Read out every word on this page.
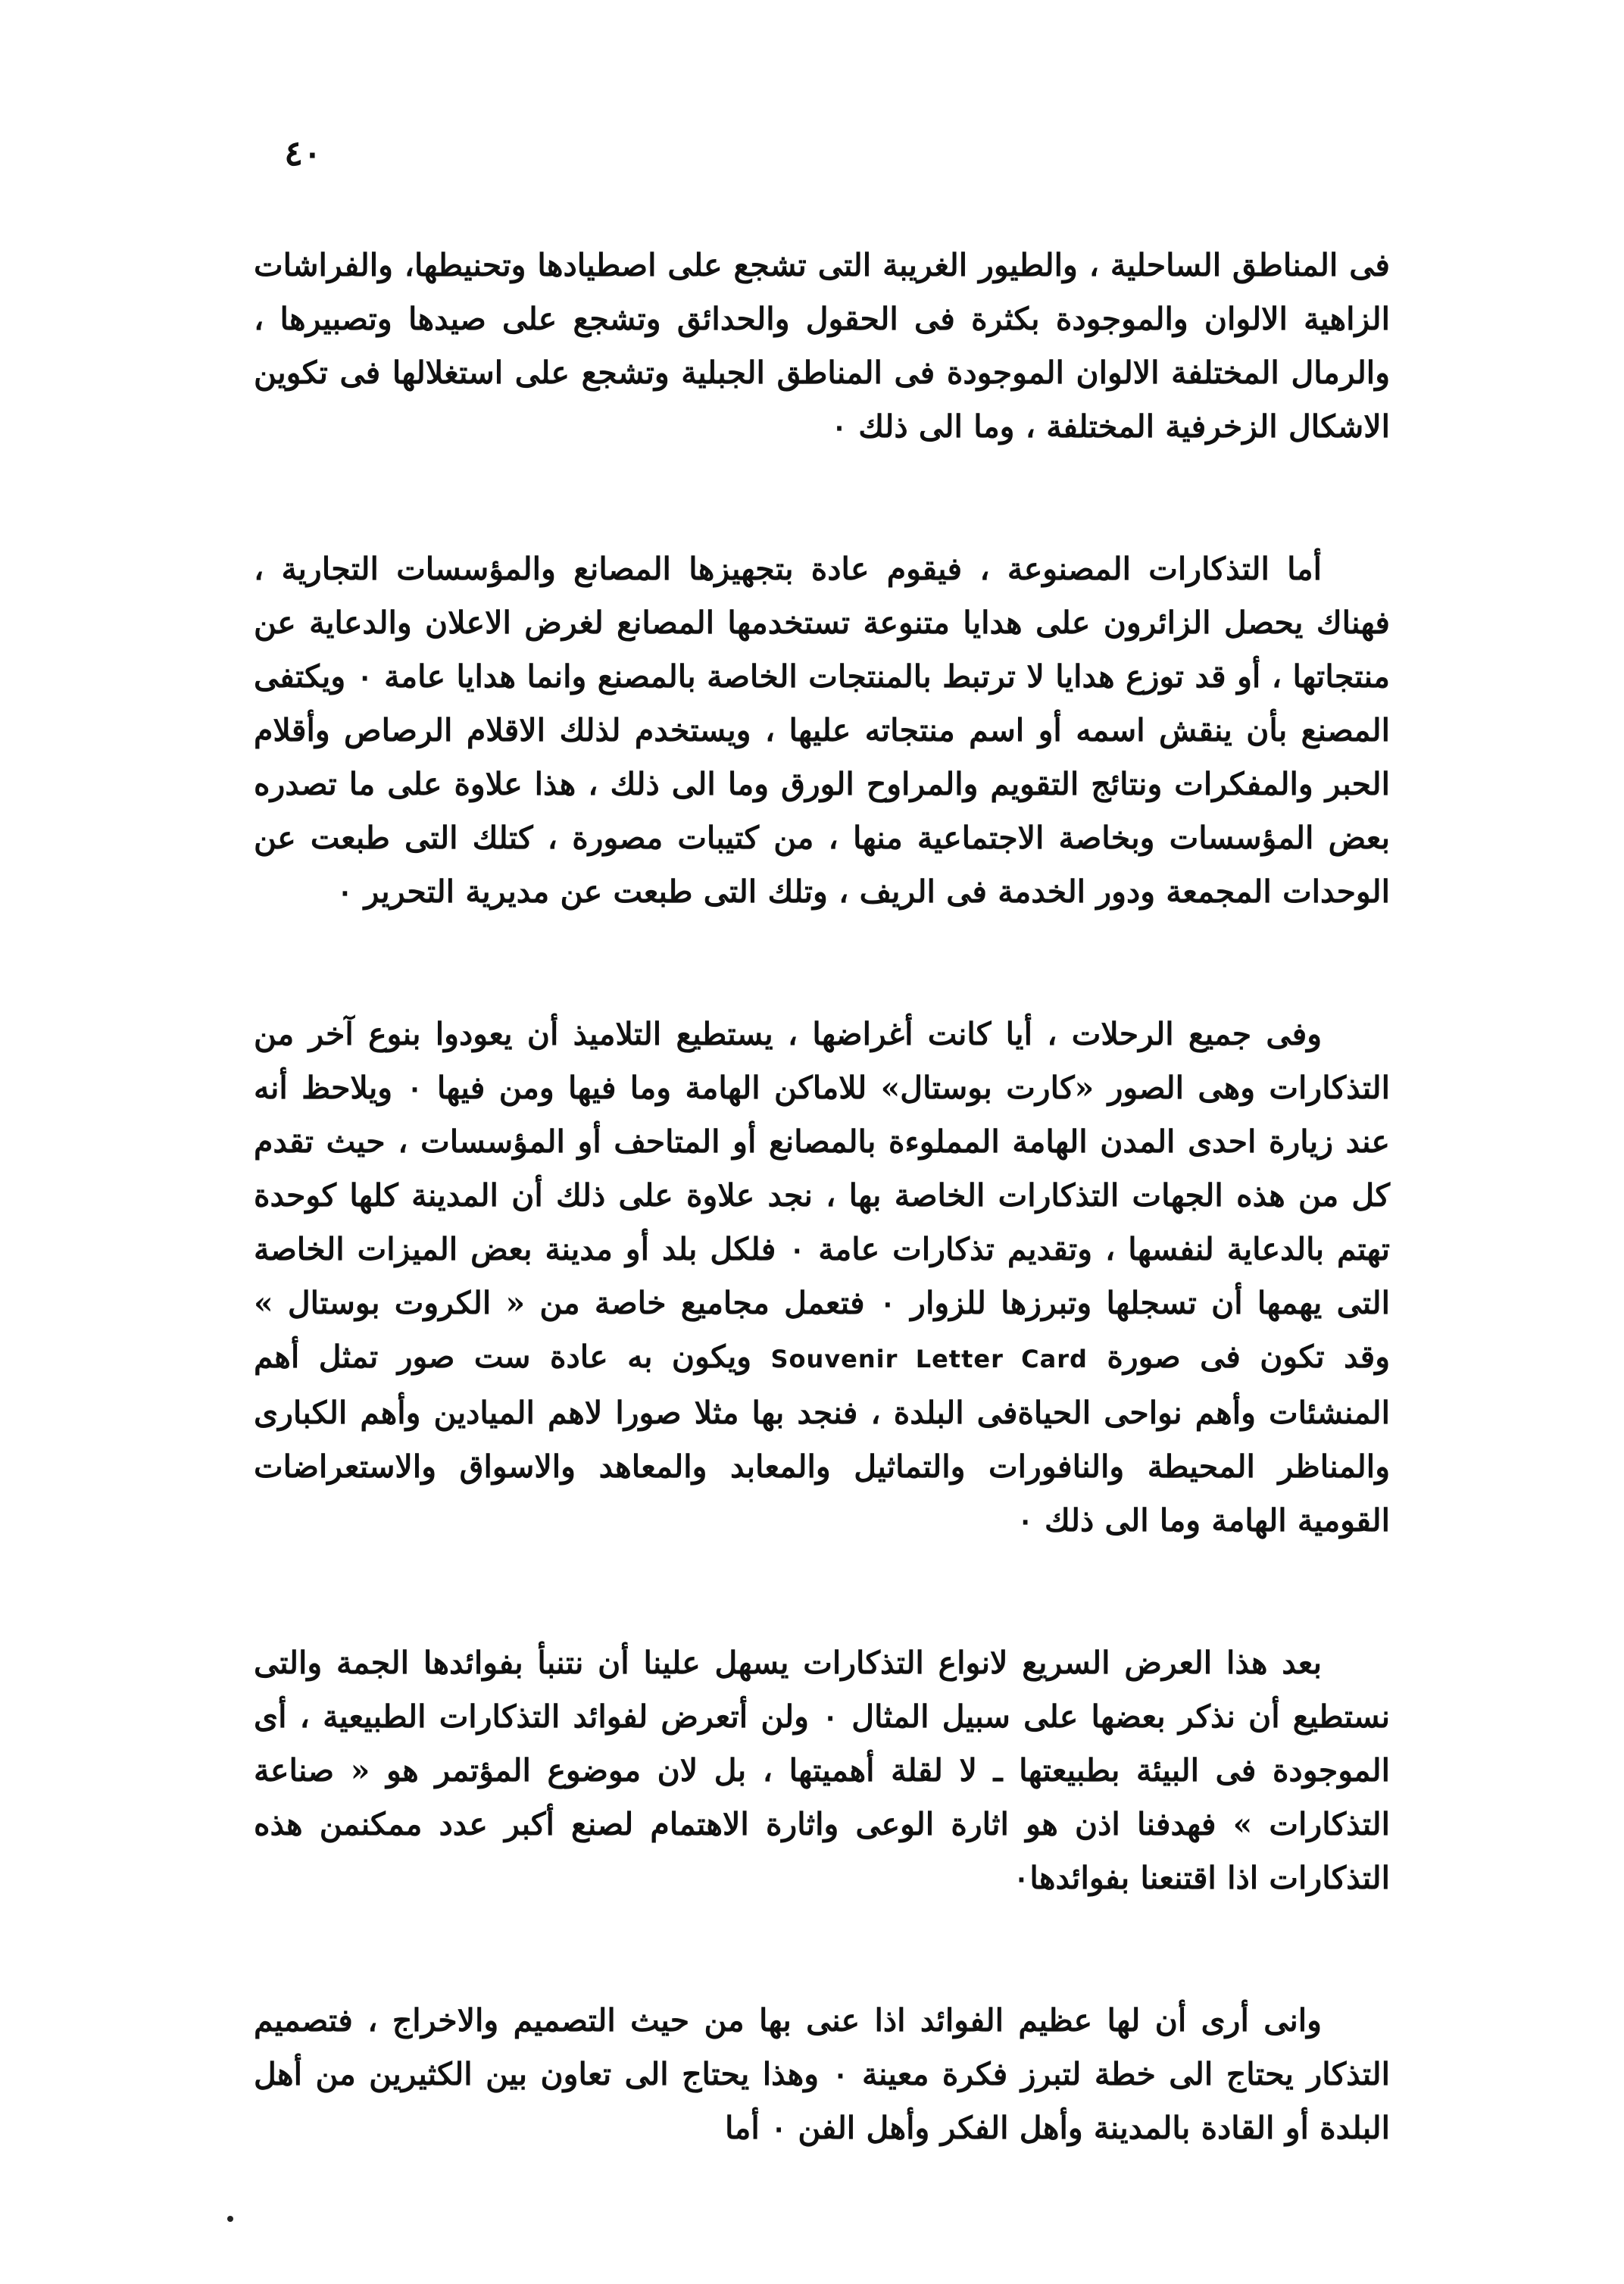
٤٠

فى المناطق الساحلية ، والطيور الغريبة التى تشجع على اصطيادها وتحنيطها، والفراشات الزاهية الالوان والموجودة بكثرة فى الحقول والحدائق وتشجع على صيدها وتصبيرها ، والرمال المختلفة الالوان الموجودة فى المناطق الجبلية وتشجع على استغلالها فى تكوين الاشكال الزخرفية المختلفة ، وما الى ذلك ٠

أما التذكارات المصنوعة ، فيقوم عادة بتجهيزها المصانع والمؤسسات التجارية ، فهناك يحصل الزائرون على هدايا متنوعة تستخدمها المصانع لغرض الاعلان والدعاية عن منتجاتها ، أو قد توزع هدايا لا ترتبط بالمنتجات الخاصة بالمصنع وانما هدايا عامة ٠ ويكتفى المصنع بأن ينقش اسمه أو اسم منتجاته عليها ، ويستخدم لذلك الاقلام الرصاص وأقلام الحبر والمفكرات ونتائج التقويم والمراوح الورق وما الى ذلك ، هذا علاوة على ما تصدره بعض المؤسسات وبخاصة الاجتماعية منها ، من كتيبات مصورة ، كتلك التى طبعت عن الوحدات المجمعة ودور الخدمة فى الريف ، وتلك التى طبعت عن مديرية التحرير ٠

وفى جميع الرحلات ، أيا كانت أغراضها ، يستطيع التلاميذ أن يعودوا بنوع آخر من التذكارات وهى الصور «كارت بوستال» للاماكن الهامة وما فيها ومن فيها ٠ ويلاحظ أنه عند زيارة احدى المدن الهامة المملوءة بالمصانع أو المتاحف أو المؤسسات ، حيث تقدم كل من هذه الجهات التذكارات الخاصة بها ، نجد علاوة على ذلك أن المدينة كلها كوحدة تهتم بالدعاية لنفسها ، وتقديم تذكارات عامة ٠ فلكل بلد أو مدينة بعض الميزات الخاصة التى يهمها أن تسجلها وتبرزها للزوار ٠ فتعمل مجاميع خاصة من « الكروت بوستال » وقد تكون فى صورة Souvenir Letter Card ويكون به عادة ست صور تمثل أهم المنشئات وأهم نواحى الحياةفى البلدة ، فنجد بها مثلا صورا لاهم الميادين وأهم الكبارى والمناظر المحيطة والنافورات والتماثيل والمعابد والمعاهد والاسواق والاستعراضات القومية الهامة وما الى ذلك ٠

بعد هذا العرض السريع لانواع التذكارات يسهل علينا أن نتنبأ بفوائدها الجمة والتى نستطيع أن نذكر بعضها على سبيل المثال ٠ ولن أتعرض لفوائد التذكارات الطبيعية ، أى الموجودة فى البيئة بطبيعتها ـ لا لقلة أهميتها ، بل لان موضوع المؤتمر هو « صناعة التذكارات » فهدفنا اذن هو اثارة الوعى واثارة الاهتمام لصنع أكبر عدد ممكنمن هذه التذكارات اذا اقتنعنا بفوائدها٠

وانى أرى أن لها عظيم الفوائد اذا عنى بها من حيث التصميم والاخراج ، فتصميم التذكار يحتاج الى خطة لتبرز فكرة معينة ٠ وهذا يحتاج الى تعاون بين الكثيرين من أهل البلدة أو القادة بالمدينة وأهل الفكر وأهل الفن ٠ أما
